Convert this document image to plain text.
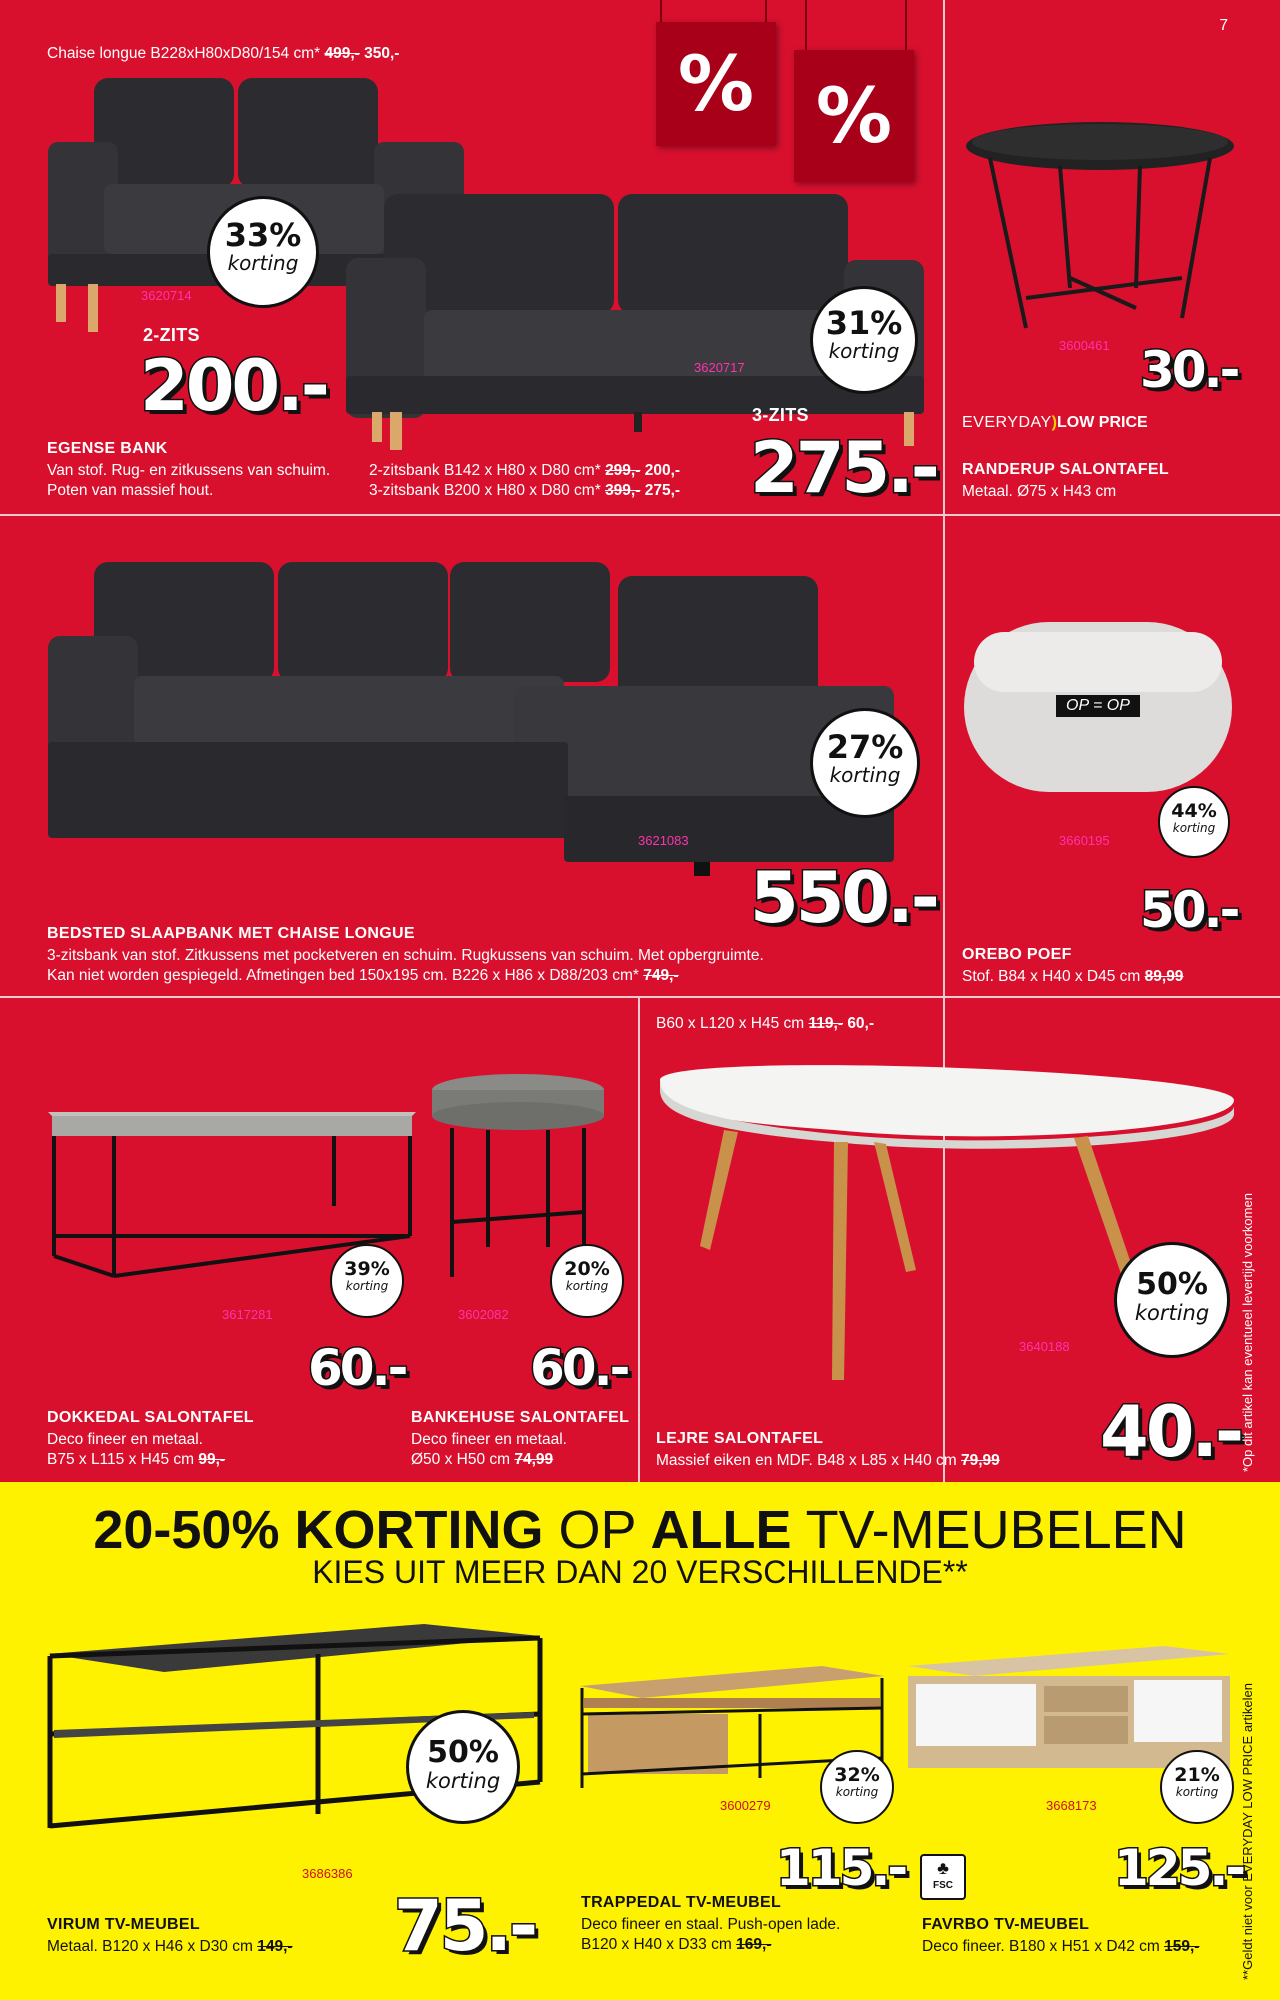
7
Chaise longue B228xH80xD80/154 cm* 499,- 350,-	% %
33%
korting
3620714
2-ZITS
200.-
31%
korting
3620717
3-ZITS
275.-
EGENSE BANK
Van stof. Rug- en zitkussens van schuim.
Poten van massief hout.
2-zitsbank B142 x H80 x D80 cm* 299,- 200,-
3-zitsbank B200 x H80 x D80 cm* 399,- 275,-
3600461 30.-
EVERYDAY)LOW PRICE
RANDERUP SALONTAFEL
Metaal. Ø75 x H43 cm
27%
korting
3621083
550.-
BEDSTED SLAAPBANK MET CHAISE LONGUE
3-zitsbank van stof. Zitkussens met pocketveren en schuim. Rugkussens van schuim. Met opbergruimte.
Kan niet worden gespiegeld. Afmetingen bed 150x195 cm. B226 x H86 x D88/203 cm* 749,-
OP = OP
44%
korting
3660195
50.-
OREBO POEF
Stof. B84 x H40 x D45 cm 89,99
39%
korting
20%
korting
3617281	3602082
60.- 60.-
DOKKEDAL SALONTAFEL
Deco fineer en metaal.
B75 x L115 x H45 cm 99,-
BANKEHUSE SALONTAFEL
Deco fineer en metaal.
Ø50 x H50 cm 74,99
B60 x L120 x H45 cm 119,- 60,-
50%
korting
3640188
40.-
LEJRE SALONTAFEL
Massief eiken en MDF. B48 x L85 x H40 cm 79,99	*Op dit artikel kan eventueel levertijd voorkomen
20-50% KORTING OP ALLE TV-MEUBELEN
KIES UIT MEER DAN 20 VERSCHILLENDE**
50%
korting
3686386
75.-
VIRUM TV-MEUBEL
Metaal. B120 x H46 x D30 cm 149,-
32%
korting
3600279
115.-
TRAPPEDAL TV-MEUBEL
Deco fineer en staal. Push-open lade.
B120 x H40 x D33 cm 169,-
21%
korting
3668173
♣
FSC	125.-
FAVRBO TV-MEUBEL
Deco fineer. B180 x H51 x D42 cm 159,-	**Geldt niet voor EVERYDAY LOW PRICE artikelen
